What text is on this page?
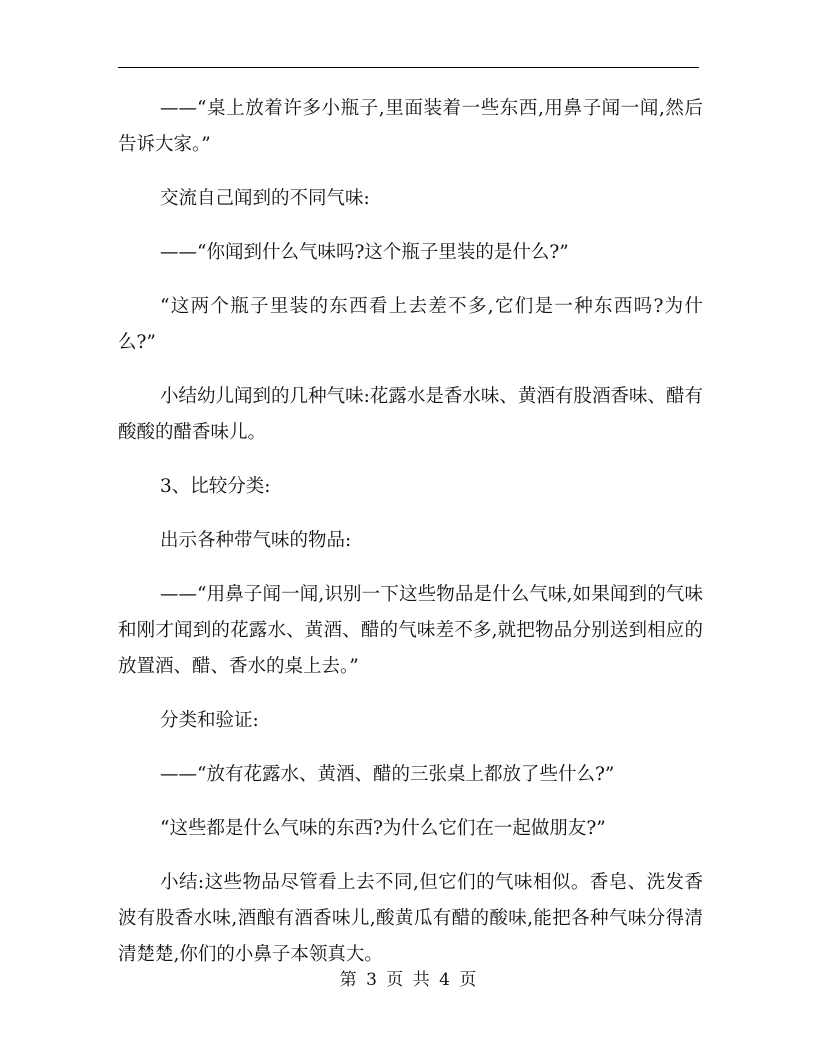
——“桌上放着许多小瓶子,里面装着一些东西,用鼻子闻一闻,然后告诉大家。”

交流自己闻到的不同气味:

——“你闻到什么气味吗?这个瓶子里装的是什么?”

“这两个瓶子里装的东西看上去差不多,它们是一种东西吗?为什么?”

小结幼儿闻到的几种气味:花露水是香水味、黄酒有股酒香味、醋有酸酸的醋香味儿。

3、比较分类:

出示各种带气味的物品:

——“用鼻子闻一闻,识别一下这些物品是什么气味,如果闻到的气味和刚才闻到的花露水、黄酒、醋的气味差不多,就把物品分别送到相应的放置酒、醋、香水的桌上去。”

分类和验证:

——“放有花露水、黄酒、醋的三张桌上都放了些什么?”

“这些都是什么气味的东西?为什么它们在一起做朋友?”

小结:这些物品尽管看上去不同,但它们的气味相似。香皂、洗发香波有股香水味,酒酿有酒香味儿,酸黄瓜有醋的酸味,能把各种气味分得清清楚楚,你们的小鼻子本领真大。

第 3 页 共 4 页
